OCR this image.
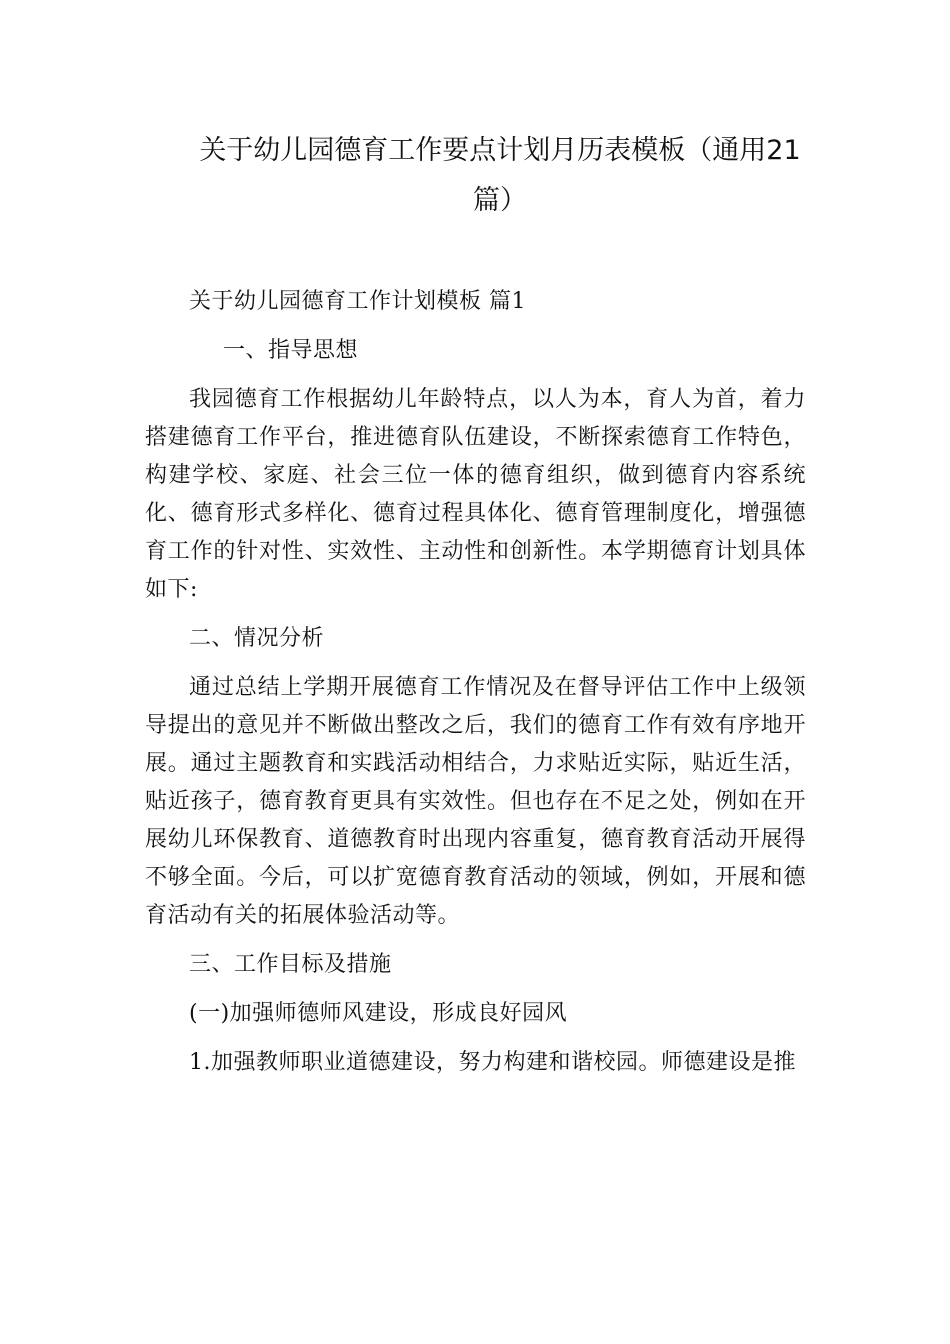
关于幼儿园德育工作要点计划月历表模板（通用21
篇）

关于幼儿园德育工作计划模板 篇1

一、指导思想

我园德育工作根据幼儿年龄特点，以人为本，育人为首，着力搭建德育工作平台，推进德育队伍建设，不断探索德育工作特色，构建学校、家庭、社会三位一体的德育组织，做到德育内容系统化、德育形式多样化、德育过程具体化、德育管理制度化，增强德育工作的针对性、实效性、主动性和创新性。本学期德育计划具体如下:

二、情况分析

通过总结上学期开展德育工作情况及在督导评估工作中上级领导提出的意见并不断做出整改之后，我们的德育工作有效有序地开展。通过主题教育和实践活动相结合，力求贴近实际，贴近生活，贴近孩子，德育教育更具有实效性。但也存在不足之处，例如在开展幼儿环保教育、道德教育时出现内容重复，德育教育活动开展得不够全面。今后，可以扩宽德育教育活动的领域，例如，开展和德育活动有关的拓展体验活动等。

三、工作目标及措施

(一)加强师德师风建设，形成良好园风

1.加强教师职业道德建设，努力构建和谐校园。师德建设是推
